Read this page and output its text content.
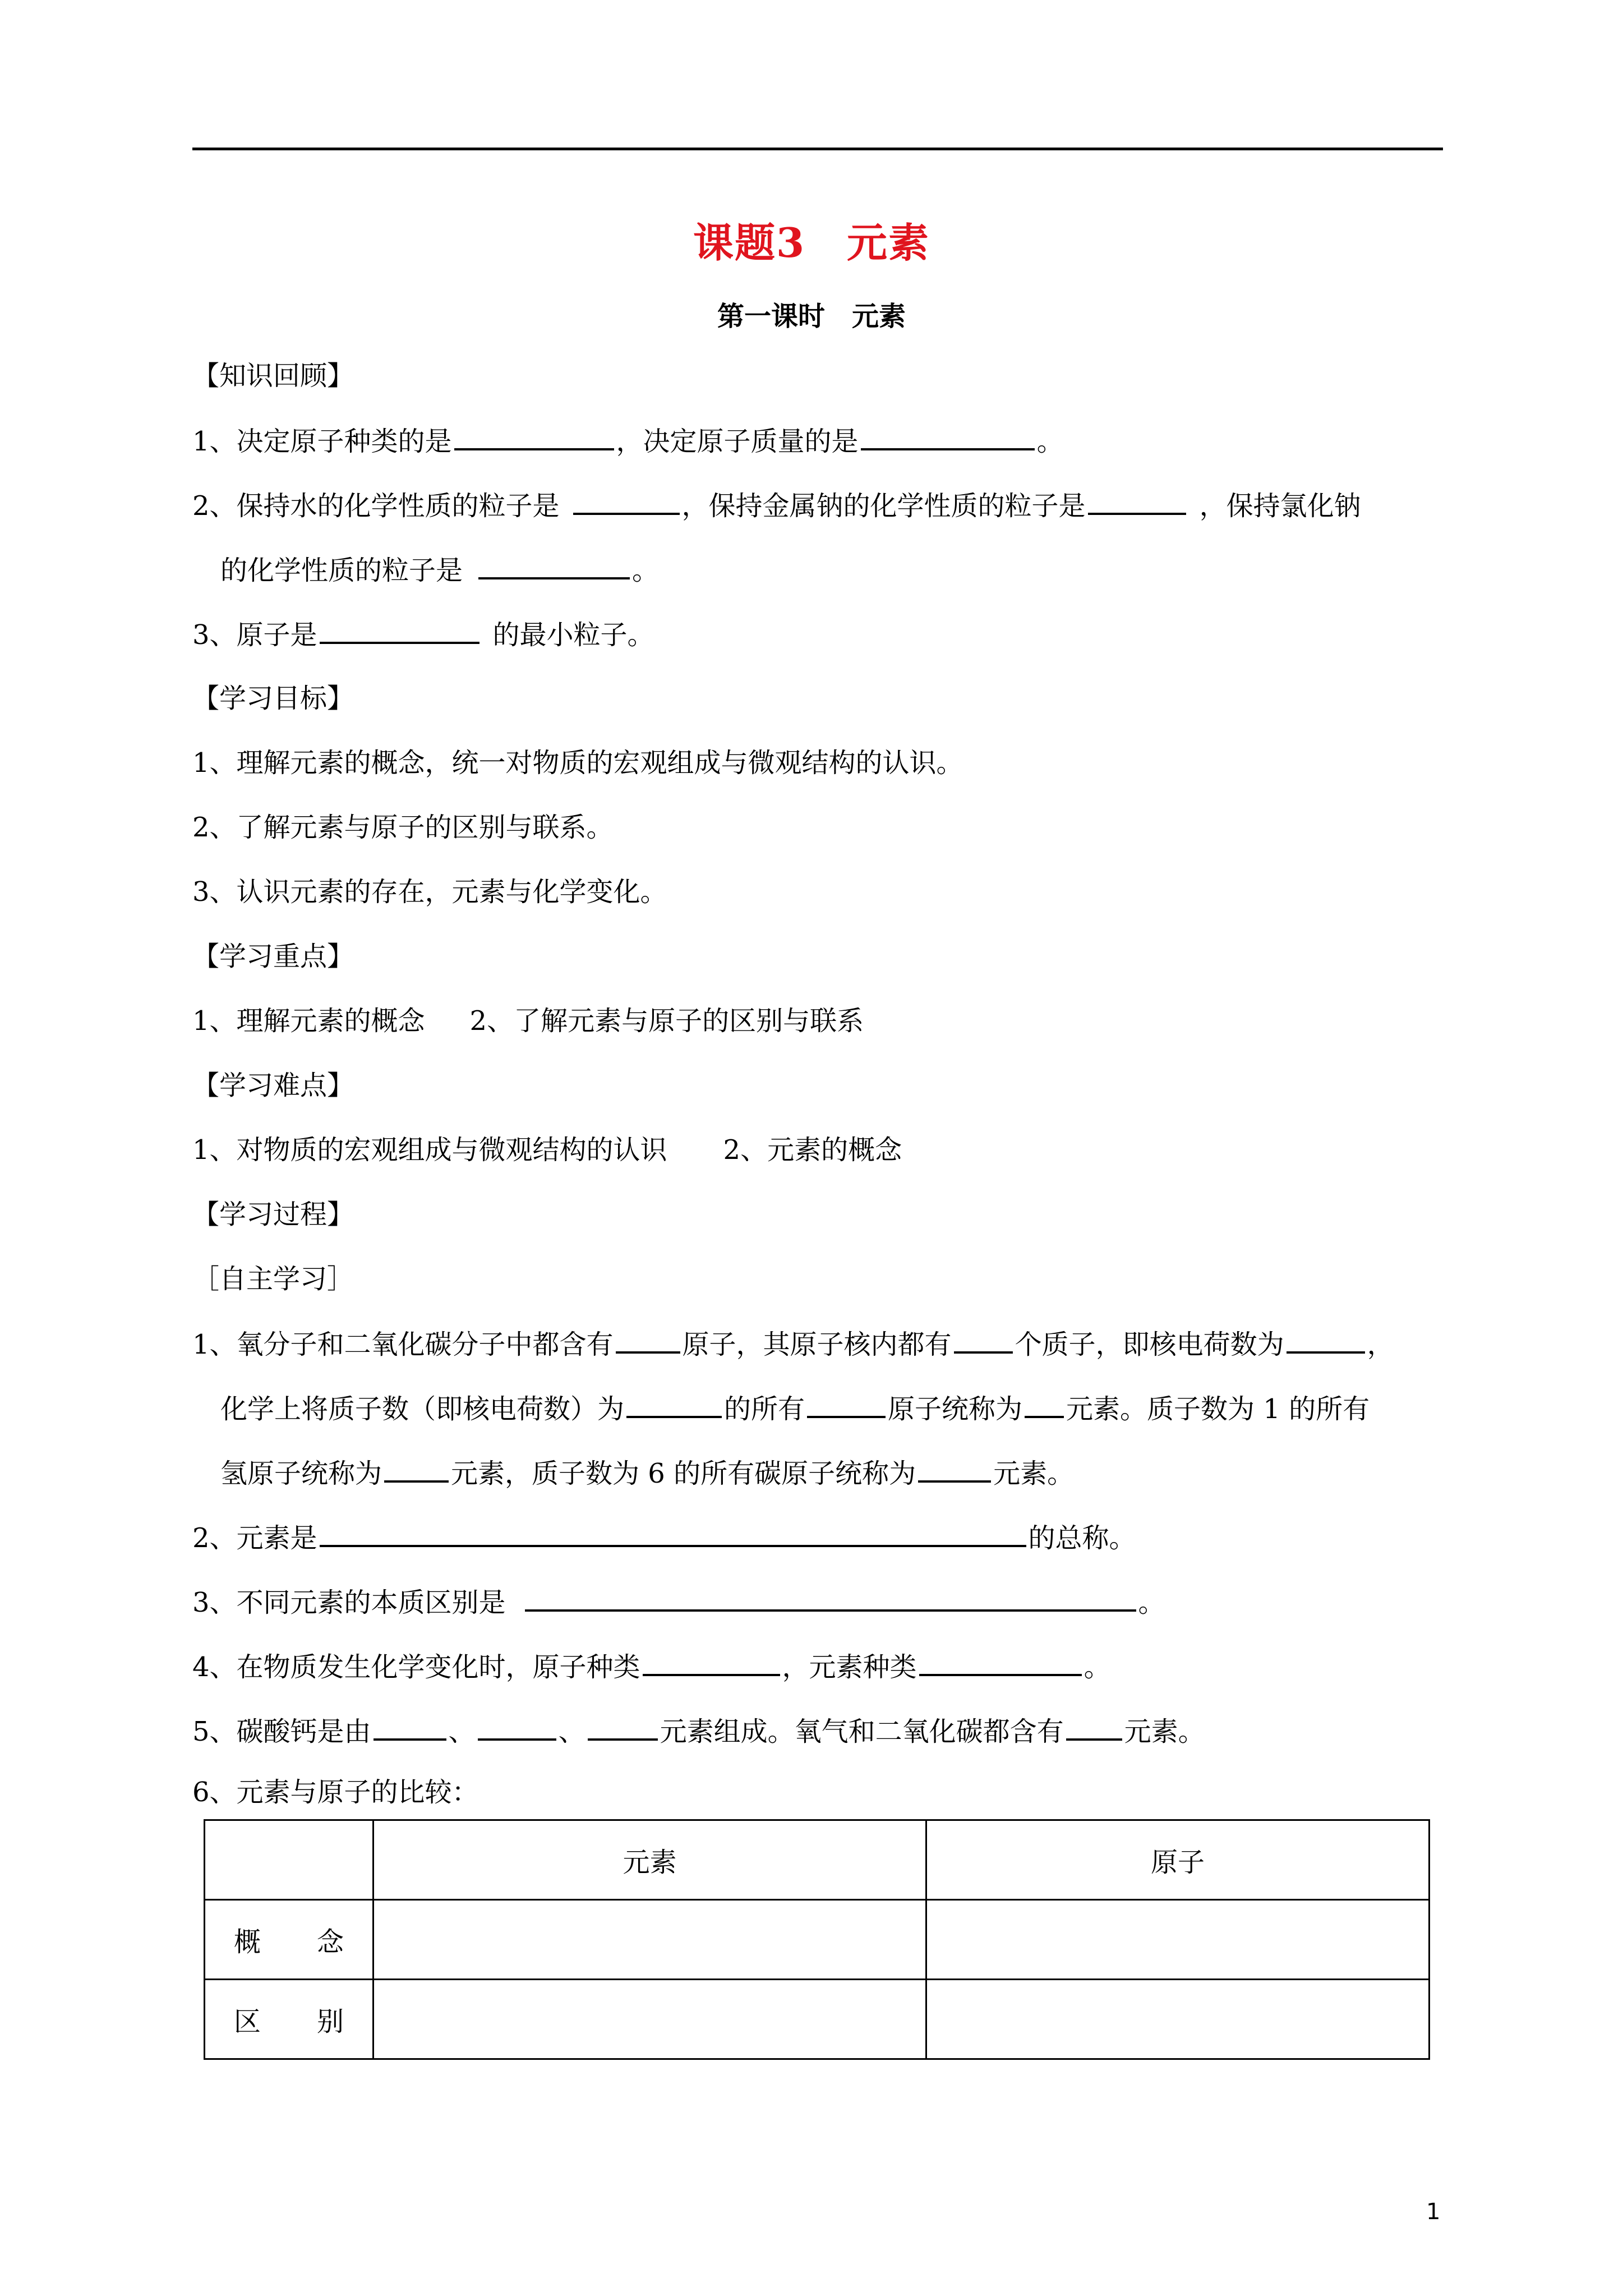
课题3　元素
第一课时　元素
【知识回顾】
1、决定原子种类的是	，决定原子质量的是	。
2、保持水的化学性质的粒子是	，保持金属钠的化学性质的粒子是	，保持氯化钠
的化学性质的粒子是	。
3、原子是	的最小粒子。
【学习目标】
1、理解元素的概念，统一对物质的宏观组成与微观结构的认识。
2、了解元素与原子的区别与联系。
3、认识元素的存在，元素与化学变化。
【学习重点】
1、理解元素的概念 2、了解元素与原子的区别与联系
【学习难点】
1、对物质的宏观组成与微观结构的认识 2、元素的概念
【学习过程】
［自主学习］
1、氧分子和二氧化碳分子中都含有	原子，其原子核内都有 个质子，即核电荷数为	，
化学上将质子数（即核电荷数）为	的所有	原子统称为 元素。质子数为 1 的所有
氢原子统称为	元素，质子数为 6 的所有碳原子统称为	元素。
2、元素是	的总称。
3、不同元素的本质区别是	。
4、在物质发生化学变化时，原子种类	，元素种类	。
5、碳酸钙是由	、	、	元素组成。氧气和二氧化碳都含有 元素。
6、元素与原子的比较：
	元素	原子

概 念		

区 别		

1
